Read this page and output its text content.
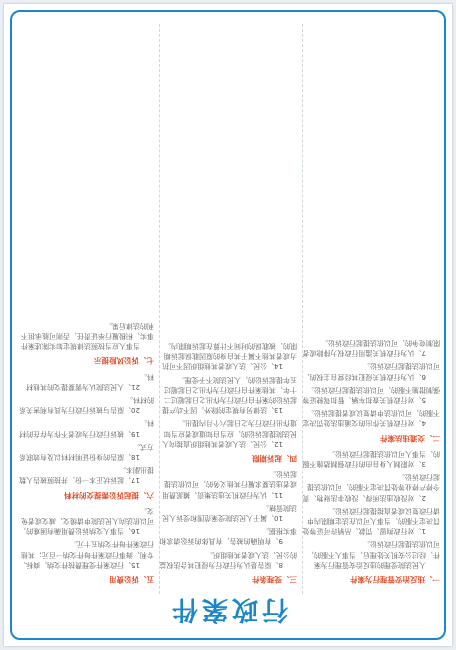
行政案件
一、违反治安管理行为案件

人民法院受理的违反治安管理行为案件，经过公安机关处理后，当事人不服的，可以依法提起行政诉讼。

1、对行政拘留、罚款、吊销许可证等处罚决定不服的，当事人可以在法定期限内申请行政复议或者直接提起行政诉讼。

2、对没收违法所得、没收非法财物、责令停产停业等处罚决定不服的，可以依法提起行政诉讼。

3、对限制人身自由的行政强制措施不服的，当事人可以依法提起行政诉讼。

二、交通违法案件

4、对行政机关作出的交通违法处罚决定不服的，可以依法申请复议或者提起诉讼。

5、对行政机关查扣车辆、暂扣驾驶证等强制措施不服的，可以依法提起行政诉讼。

6、认为行政机关侵犯其经营自主权的，可以依法提起行政诉讼。

7、认为行政机关滥用行政权力排除或者限制竞争的，可以依法提起行政诉讼。

三、受理条件

8、原告是认为行政行为侵犯其合法权益的公民、法人或者其他组织。

9、有明确的被告，有具体的诉讼请求和事实根据。

10、属于人民法院受案范围和受诉人民法院管辖。

11、认为行政机关违法集资、摊派费用或者违法要求履行其他义务的，可以依法提起诉讼。

四、起诉期限

12、公民、法人或者其他组织直接向人民法院提起诉讼的，应当自知道或者应当知道作出行政行为之日起六个月内提出。

13、法律另有规定的除外。因不动产提起诉讼的案件自行政行为作出之日起超过二十年，其他案件自行政行为作出之日起超过五年提起诉讼的，人民法院不予受理。

14、公民、法人或者其他组织因不可抗力或者其他不属于其自身的原因耽误起诉期限的，被耽误的时间不计算在起诉期限内。

五、诉讼费用

15、行政案件受理费按件交纳，商标、专利、海事行政案件每件交纳一百元；其他行政案件每件交纳五十元。

16、当事人交纳诉讼费用确有困难的，可以依法向人民法院申请缓交、减交或者免交。

六、提起诉讼需提交的材料

17、起诉状正本一份，并按照被告人数提出副本。

18、原告的身份证明材料以及有效联系方式。

19、被诉行政行为或者不作为存在的材料。

20、原告与被诉行政行为具有利害关系的材料。

21、人民法院认为需要提交的其他材料。

七、诉讼风险提示

当事人应当按照法律规定如实陈述案件事实，积极履行举证责任，否则可能承担不利的法律后果。
